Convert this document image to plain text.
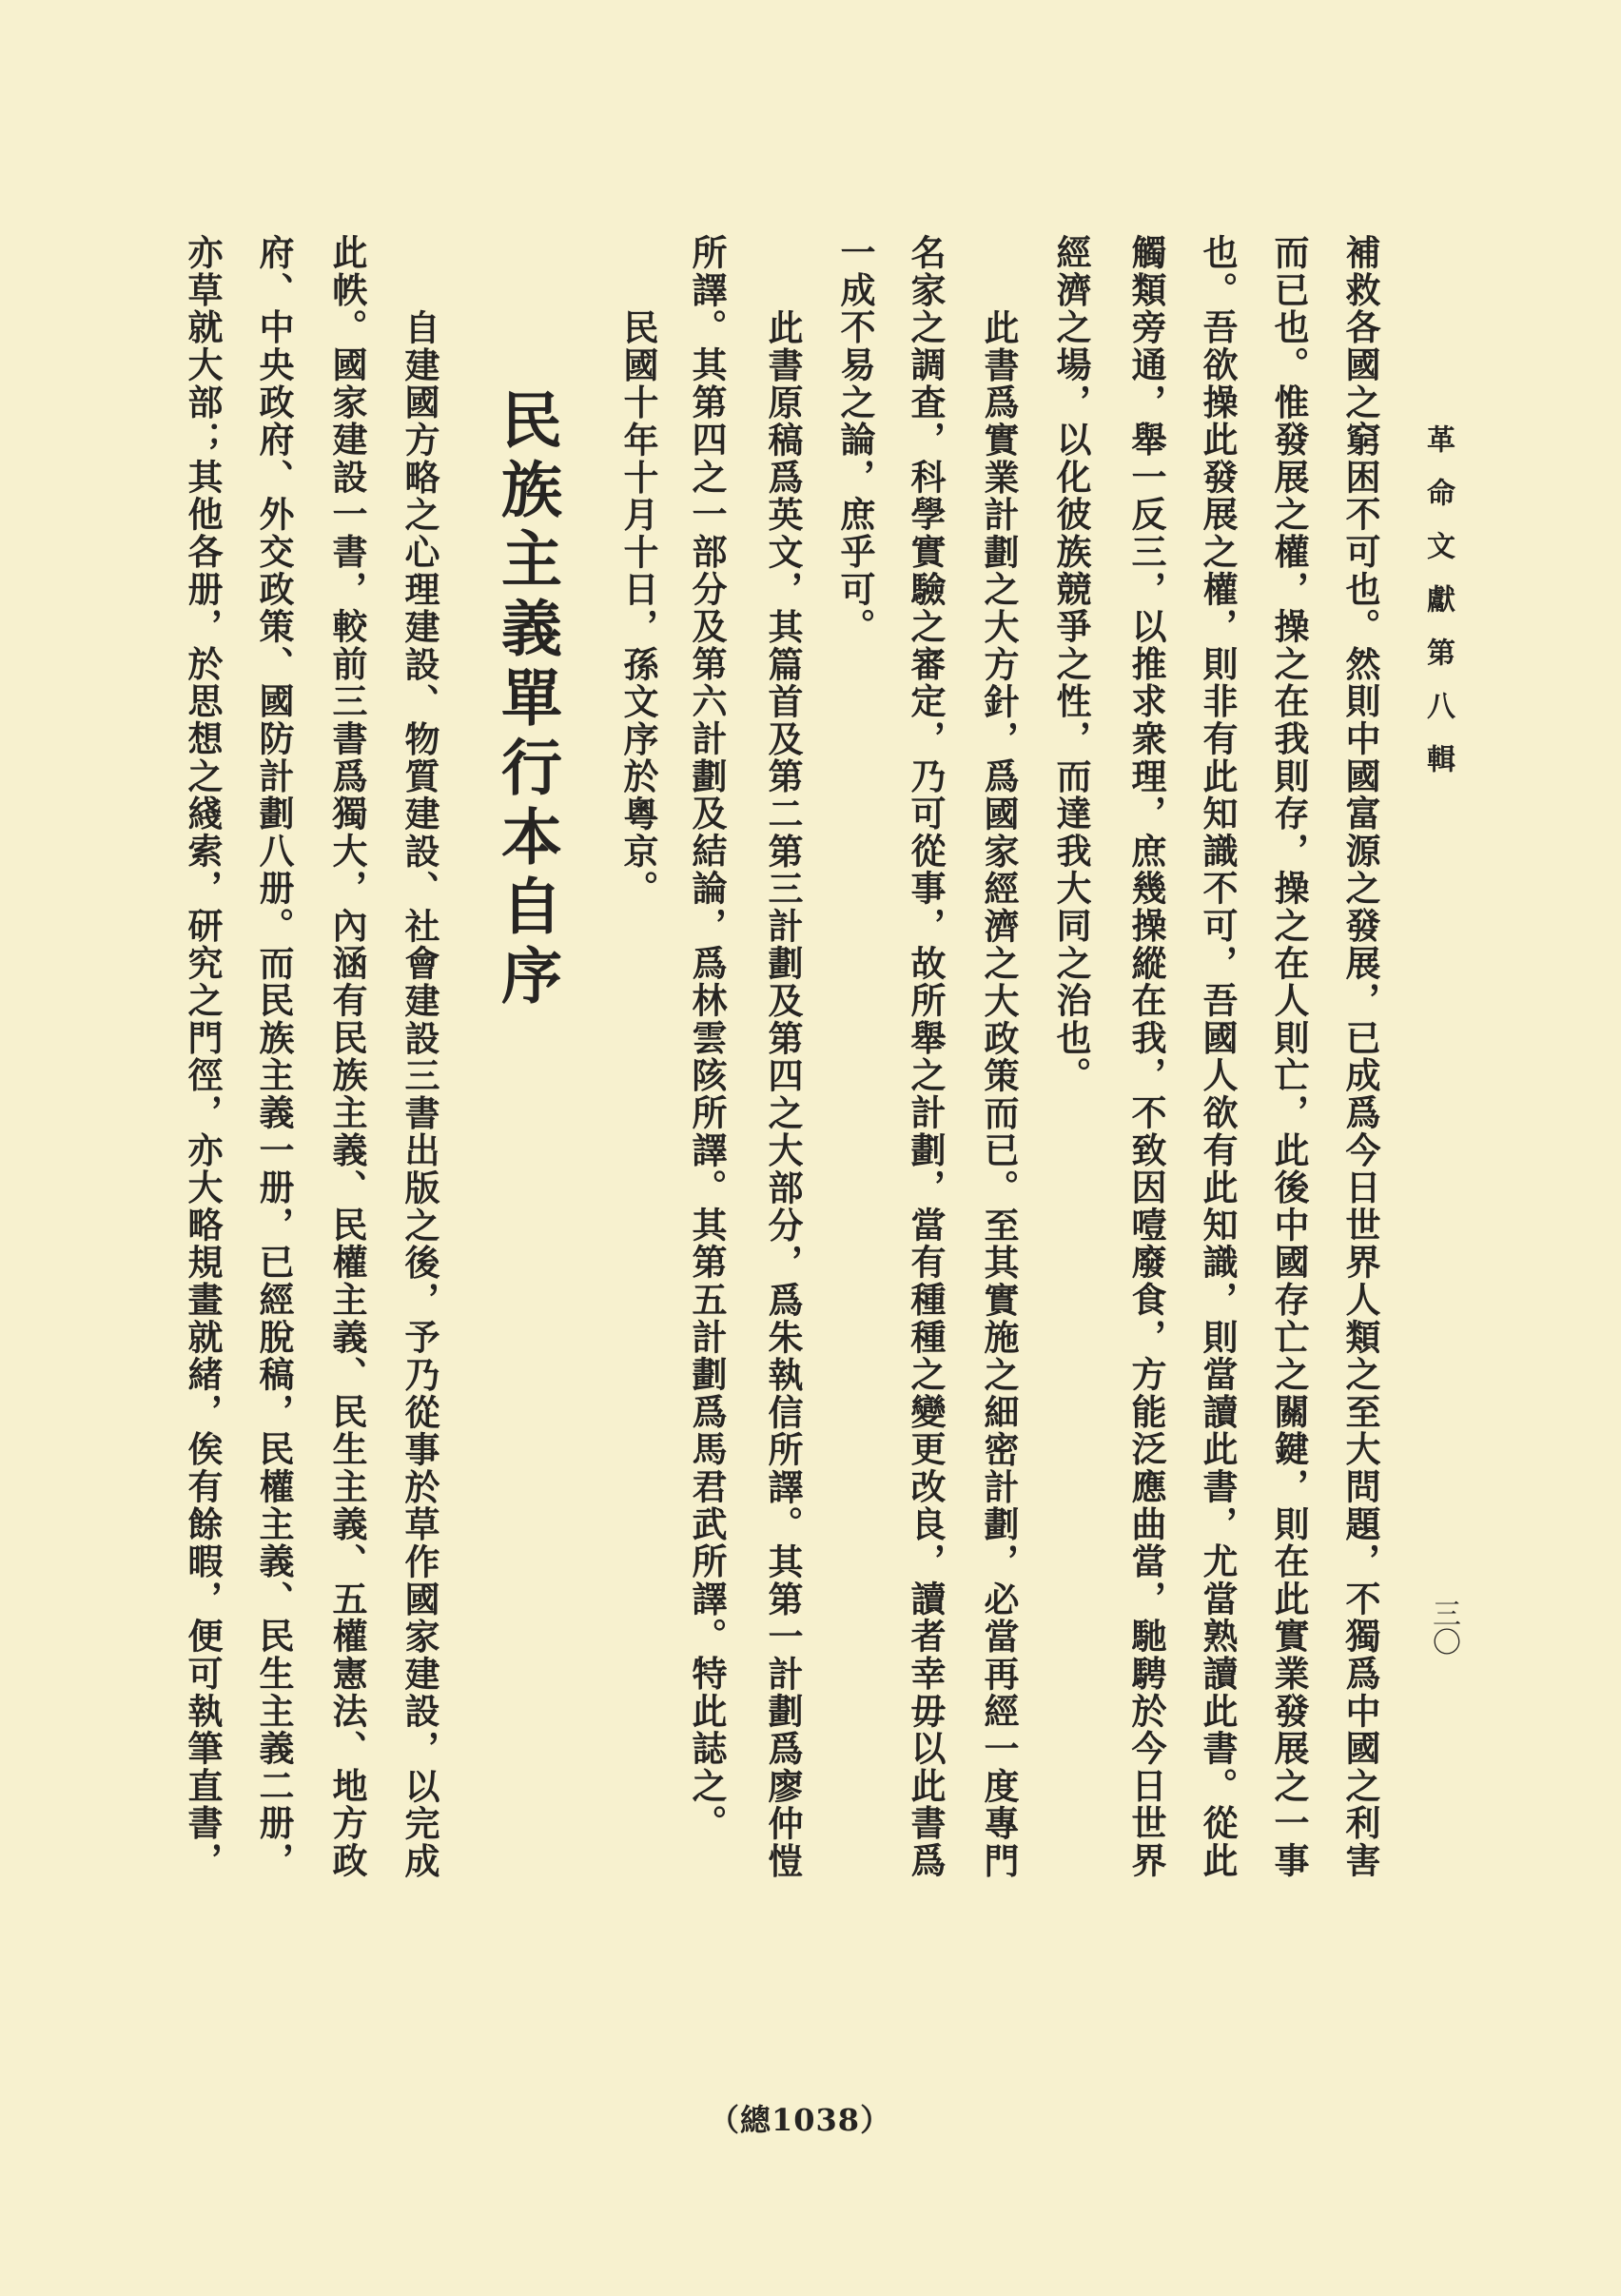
革命文獻第八輯
三〇
補救各國之窮困不可也。然則中國富源之發展，已成爲今日世界人類之至大問題，不獨爲中國之利害
而已也。惟發展之權，操之在我則存，操之在人則亡，此後中國存亡之關鍵，則在此實業發展之一事
也。吾欲操此發展之權，則非有此知識不可，吾國人欲有此知識，則當讀此書，尤當熟讀此書。從此
觸類旁通，舉一反三，以推求衆理，庶幾操縱在我，不致因噎廢食，方能泛應曲當，馳騁於今日世界
經濟之場，以化彼族競爭之性，而達我大同之治也。
此書爲實業計劃之大方針，爲國家經濟之大政策而已。至其實施之細密計劃，必當再經一度專門
名家之調査，科學實驗之審定，乃可從事，故所舉之計劃，當有種種之變更改良，讀者幸毋以此書爲
一成不易之論，庶乎可。
此書原稿爲英文，其篇首及第二第三計劃及第四之大部分，爲朱執信所譯。其第一計劃爲廖仲愷
所譯。其第四之一部分及第六計劃及結論，爲林雲陔所譯。其第五計劃爲馬君武所譯。特此誌之。
民國十年十月十日，孫文序於粵京。
民族主義單行本自序
自建國方略之心理建設、物質建設、社會建設三書出版之後，予乃從事於草作國家建設，以完成
此帙。國家建設一書，較前三書爲獨大，內涵有民族主義、民權主義、民生主義、五權憲法、地方政
府、中央政府、外交政策、國防計劃八册。而民族主義一册，已經脫稿，民權主義、民生主義二册，
亦草就大部；其他各册，於思想之綫索，研究之門徑，亦大略規畫就緒，俟有餘暇，便可執筆直書，
（總1038）
